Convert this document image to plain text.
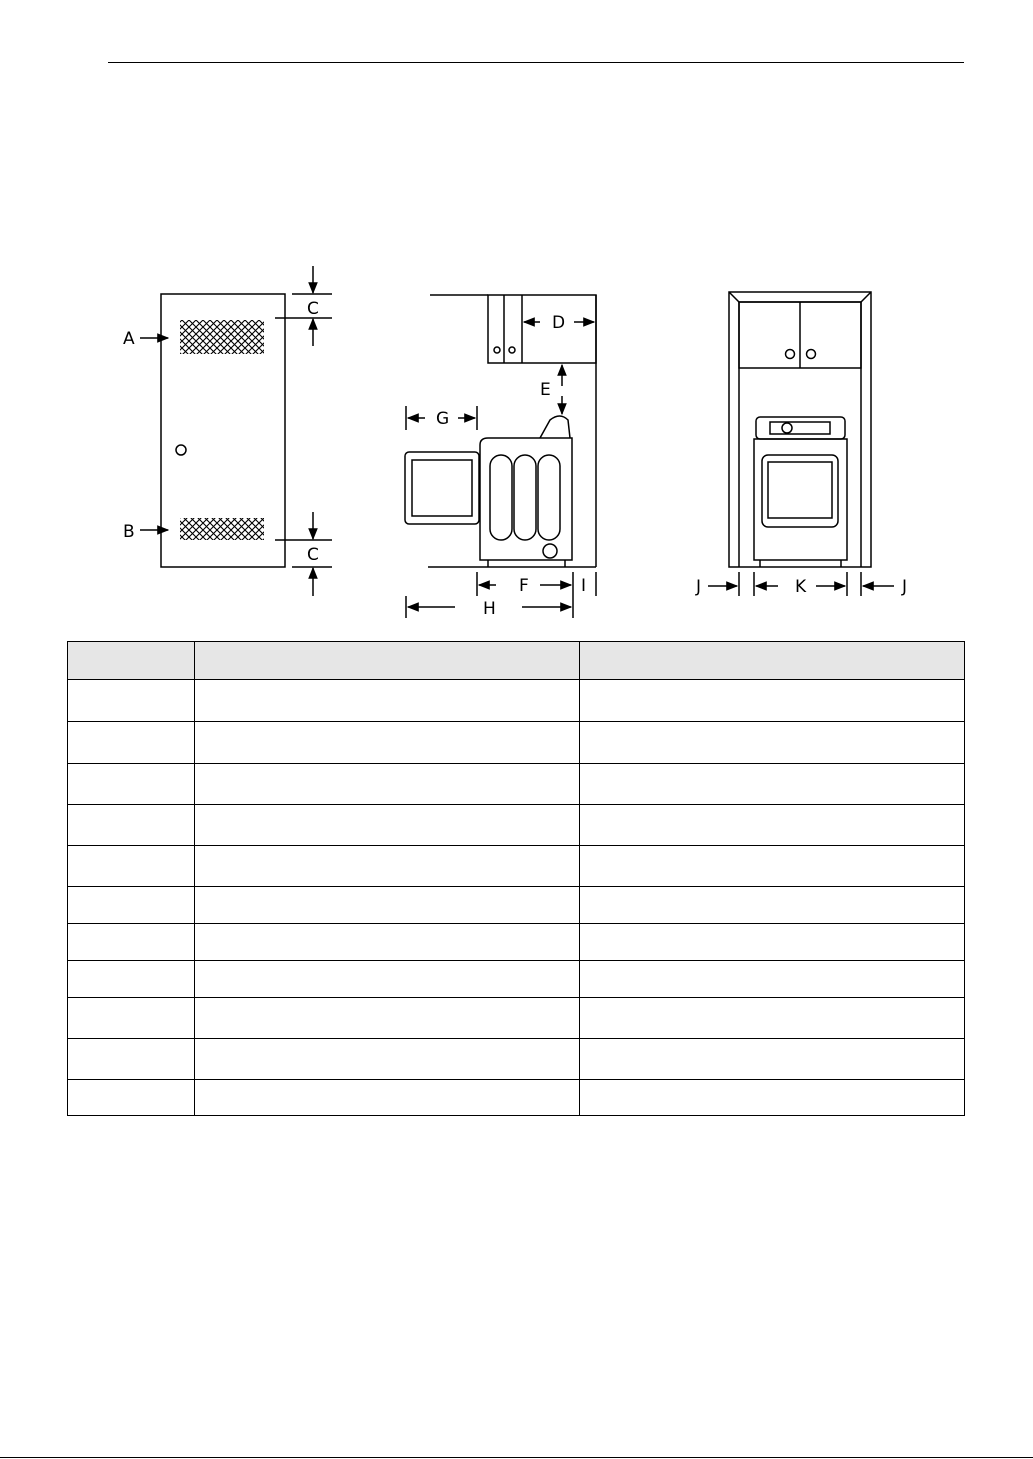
A
B
C
C
D
E
G
F	I
H
J	K	J
